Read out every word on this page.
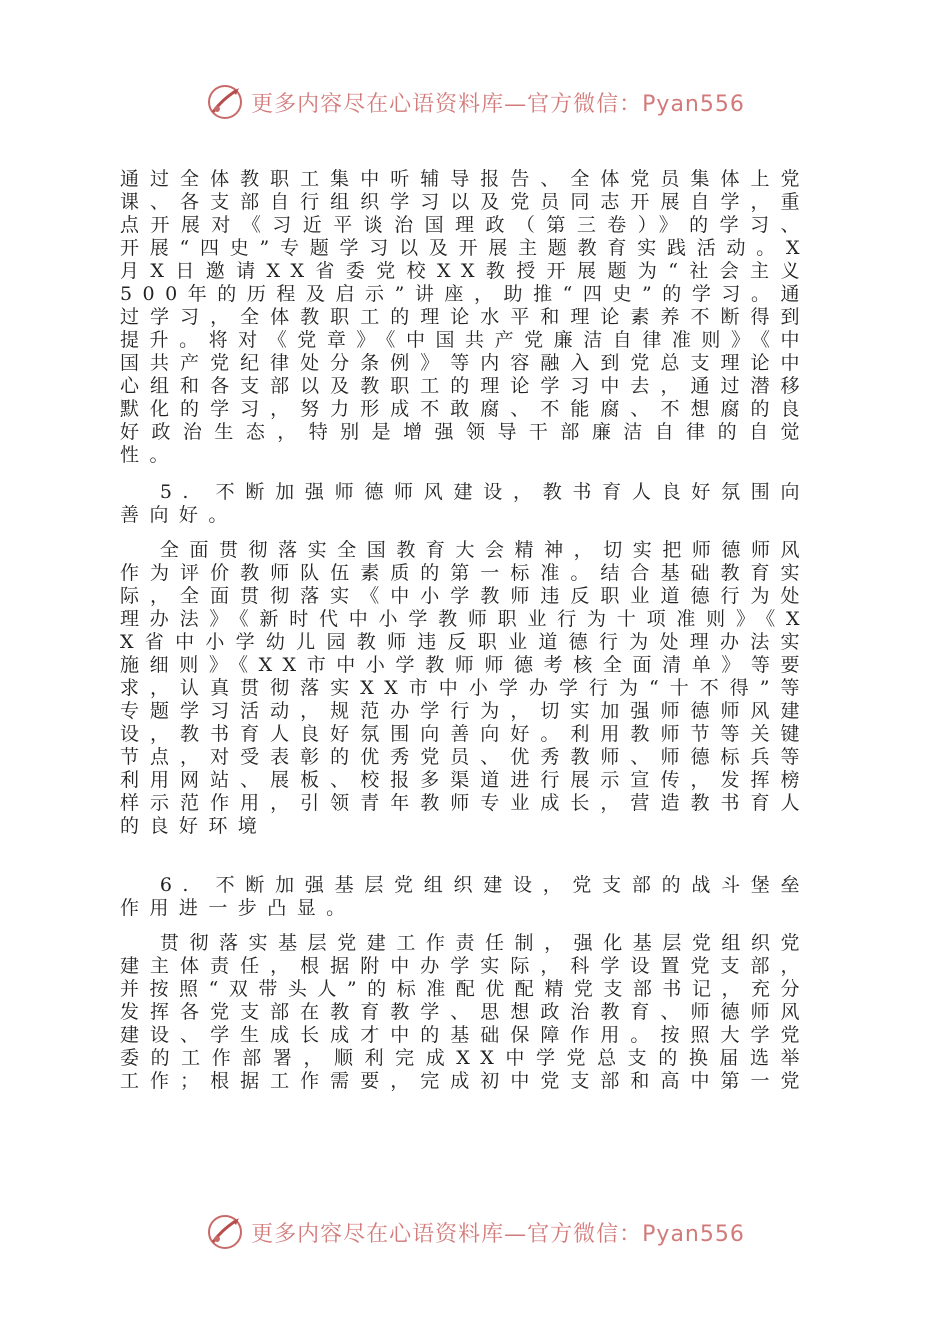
更多内容尽在心语资料库—官方微信：Pyan556

通过全体教职工集中听辅导报告、全体党员集体上党课、各支部自行组织学习以及党员同志开展自学，重点开展对《习近平谈治国理政（第三卷）》的学习、开展“四史”专题学习以及开展主题教育实践活动。X月X日邀请XX省委党校XX教授开展题为“社会主义500年的历程及启示”讲座，助推“四史”的学习。通过学习，全体教职工的理论水平和理论素养不断得到提升。将对《党章》《中国共产党廉洁自律准则》《中国共产党纪律处分条例》等内容融入到党总支理论中心组和各支部以及教职工的理论学习中去，通过潜移默化的学习，努力形成不敢腐、不能腐、不想腐的良好政治生态，特别是增强领导干部廉洁自律的自觉性。

5. 不断加强师德师风建设，教书育人良好氛围向善向好。

全面贯彻落实全国教育大会精神，切实把师德师风作为评价教师队伍素质的第一标准。结合基础教育实际，全面贯彻落实《中小学教师违反职业道德行为处理办法》《新时代中小学教师职业行为十项准则》《XX省中小学幼儿园教师违反职业道德行为处理办法实施细则》《XX市中小学教师师德考核全面清单》等要求，认真贯彻落实XX市中小学办学行为“十不得”等专题学习活动，规范办学行为，切实加强师德师风建设，教书育人良好氛围向善向好。利用教师节等关键节点，对受表彰的优秀党员、优秀教师、师德标兵等利用网站、展板、校报多渠道进行展示宣传，发挥榜样示范作用，引领青年教师专业成长，营造教书育人的良好环境

6. 不断加强基层党组织建设，党支部的战斗堡垒作用进一步凸显。

贯彻落实基层党建工作责任制，强化基层党组织党建主体责任，根据附中办学实际，科学设置党支部，并按照“双带头人”的标准配优配精党支部书记，充分发挥各党支部在教育教学、思想政治教育、师德师风建设、学生成长成才中的基础保障作用。按照大学党委的工作部署，顺利完成XX中学党总支的换届选举工作；根据工作需要，完成初中党支部和高中第一党

更多内容尽在心语资料库—官方微信：Pyan556
